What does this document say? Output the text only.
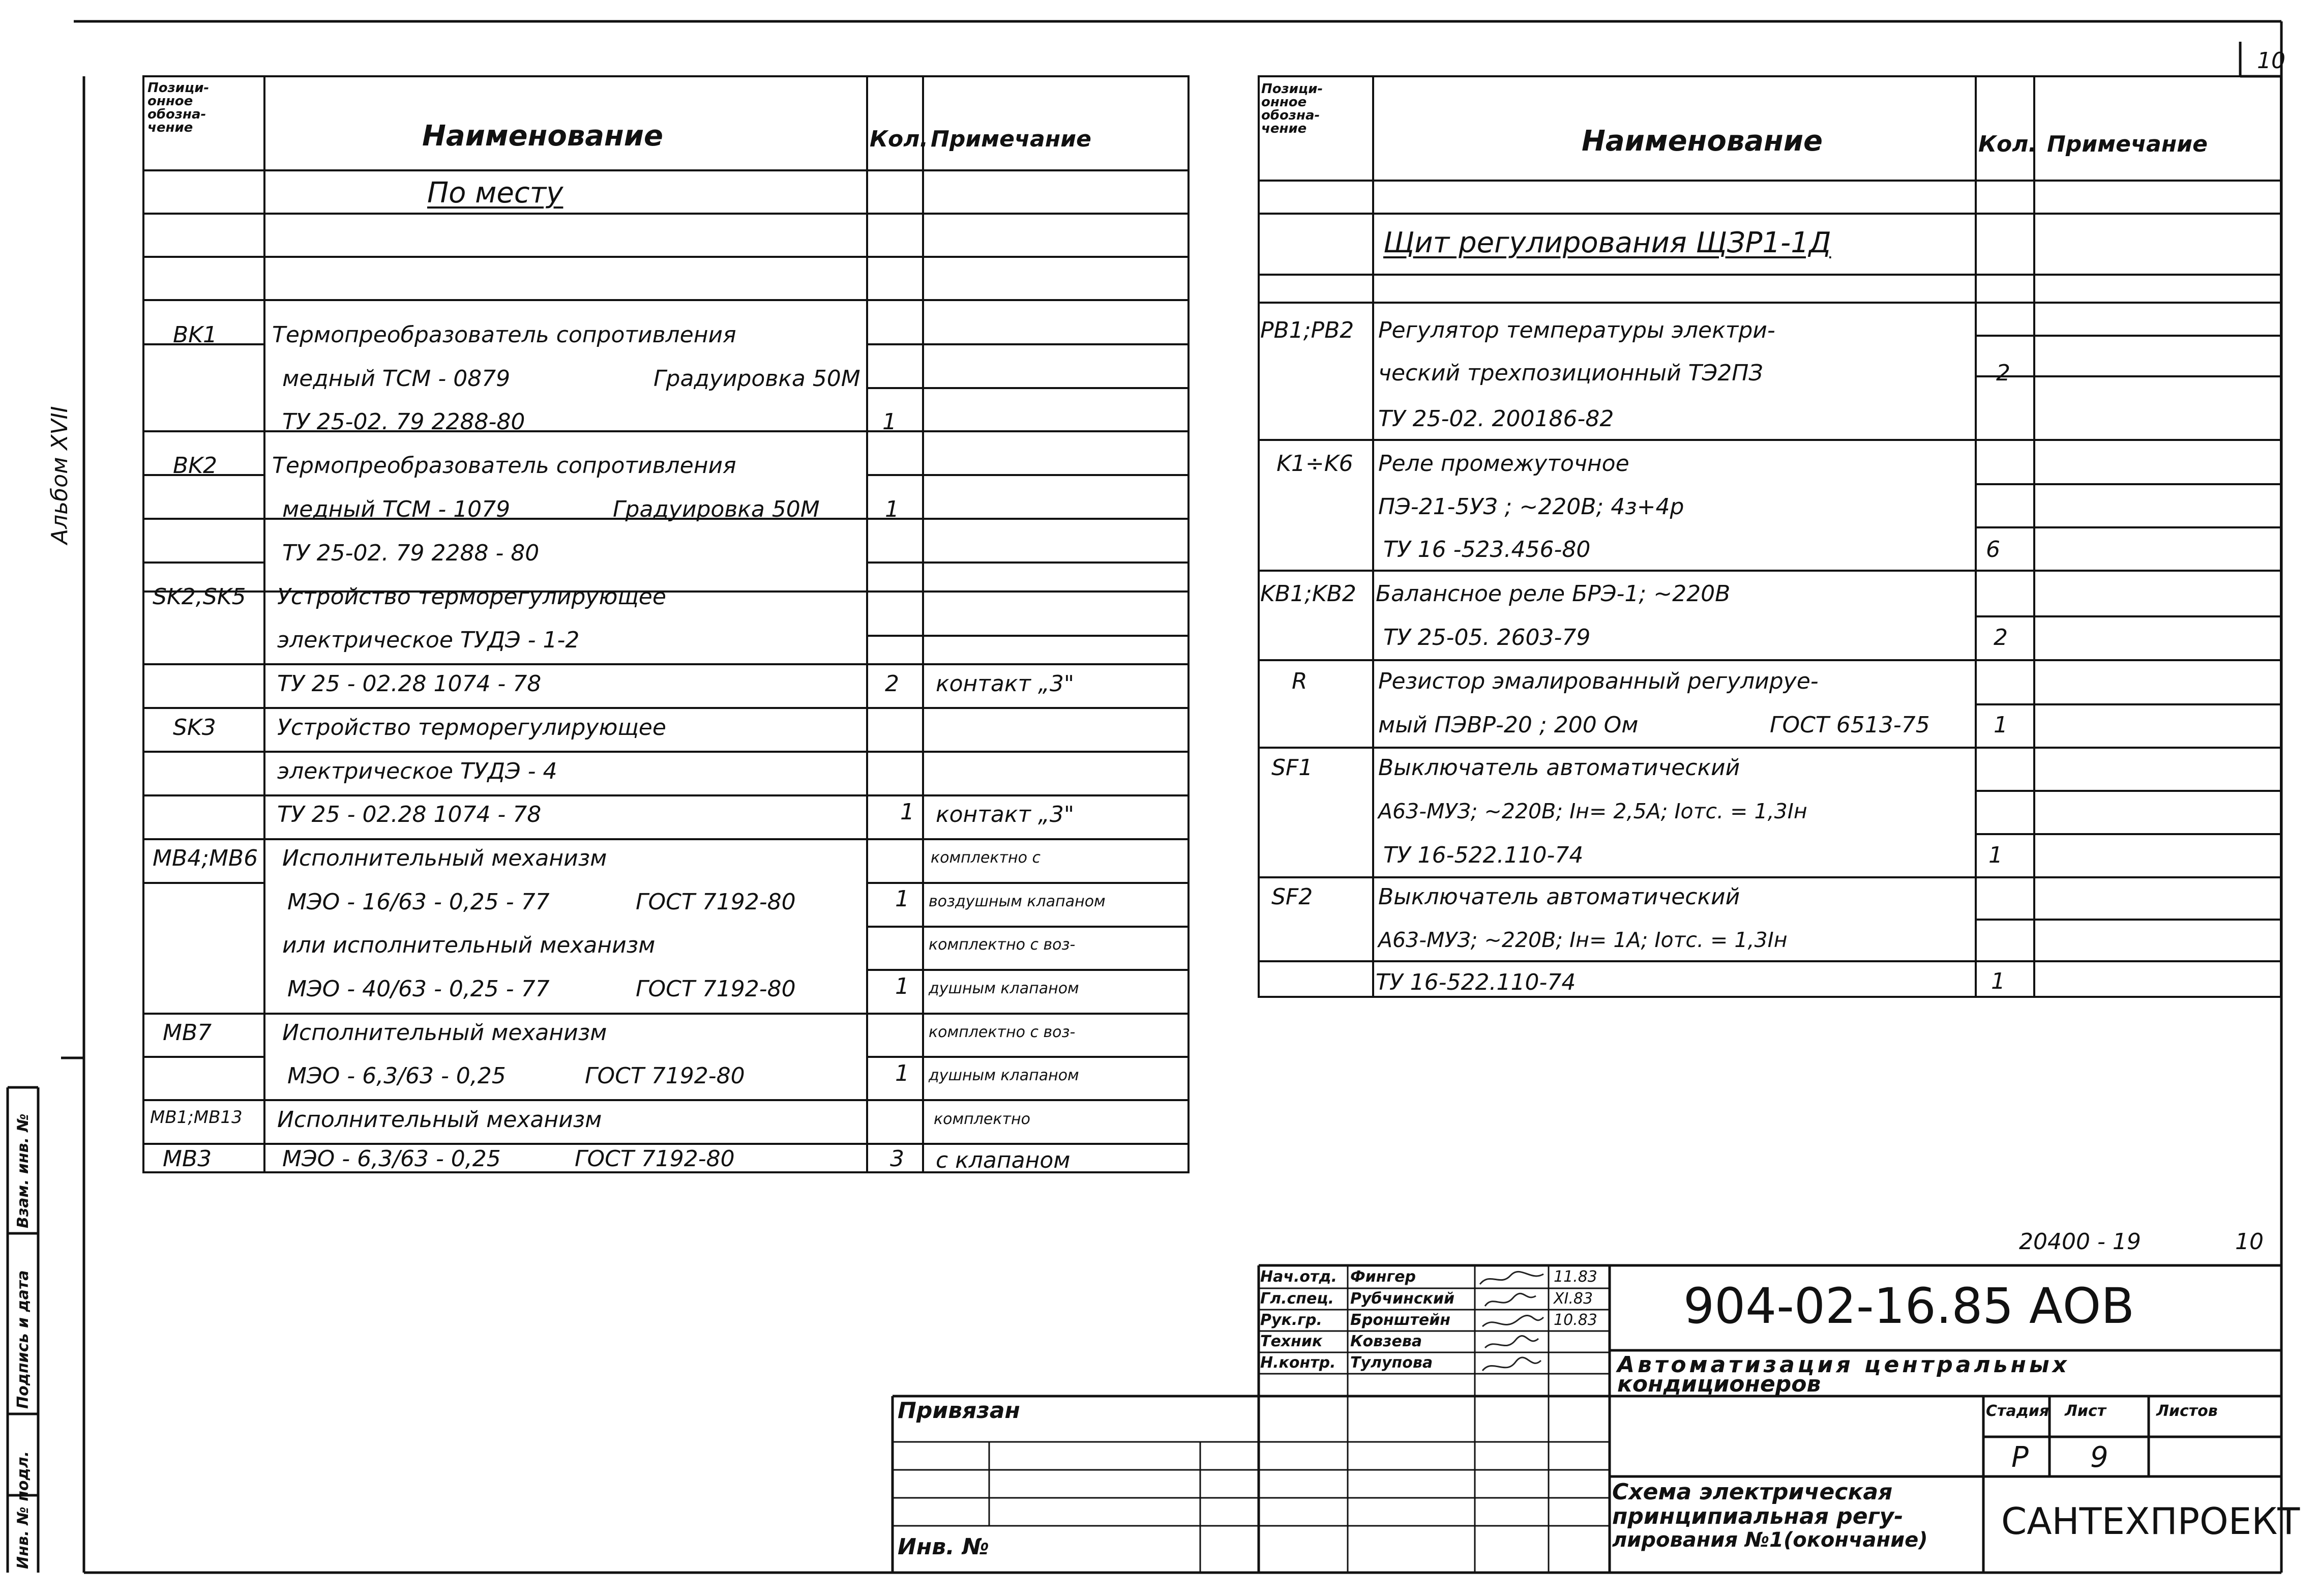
10
Альбом XVII
Инв. № подл.
Подпись и дата
Взам. инв. №
Позици-
онное
обозна-
чение	Наименование	Кол. Примечание
По месту
BK1 Термопреобразователь сопротивления
медный ТСМ - 0879	Градуировка 50М
ТУ 25-02. 79 2288-80	1
BK2 Термопреобразователь сопротивления
медный ТСМ - 1079	Градуировка 50М	1
ТУ 25-02. 79 2288 - 80
SK2,SK5 Устройство терморегулирующее
электрическое ТУДЭ - 1-2
ТУ 25 - 02.28 1074 - 78	2 контакт „3"
SK3	Устройство терморегулирующее
электрическое ТУДЭ - 4
ТУ 25 - 02.28 1074 - 78	1 контакт „3"
MB4;MB6 Исполнительный механизм	комплектно с
МЭО - 16/63 - 0,25 - 77	ГОСТ 7192-80	1 воздушным клапаном
или исполнительный механизм	комплектно с воз-
МЭО - 40/63 - 0,25 - 77	ГОСТ 7192-80	1 душным клапаном
MB7	Исполнительный механизм	комплектно с воз-
МЭО - 6,3/63 - 0,25	ГОСТ 7192-80	1 душным клапаном
MB1;MB13 Исполнительный механизм	комплектно
MB3	МЭО - 6,3/63 - 0,25	ГОСТ 7192-80	3 с клапаном
Позици-
онное
обозна-
чение	Наименование	Кол. Примечание
Щит регулирования ЩЗР1-1Д
PB1;PB2 Регулятор температуры электри-
ческий трехпозиционный ТЭ2ПЗ	2
ТУ 25-02. 200186-82
K1÷K6 Реле промежуточное
ПЭ-21-5УЗ ; ~220В; 4з+4р
ТУ 16 -523.456-80	6
KB1;KB2 Балансное реле БРЭ-1; ~220В
ТУ 25-05. 2603-79	2
R	Резистор эмалированный регулируе-
мый ПЭВР-20 ; 200 Ом	ГОСТ 6513-75	1
SF1	Выключатель автоматический
А63-МУЗ; ~220В; Iн= 2,5А; Iотс. = 1,3Iн
ТУ 16-522.110-74	1
SF2	Выключатель автоматический
А63-МУЗ; ~220В; Iн= 1А; Iотс. = 1,3Iн
ТУ 16-522.110-74	1
20400 - 19	10
Нач.отд. Фингер	11.83
Гл.спец. Рубчинский	XI.83
Рук.гр. Бронштейн	10.83
Техник Ковзева
Н.контр. Тулупова
904-02-16.85 АОВ
Автоматизация центральных
кондиционеров
Привязан
Инв. №
Стадия Лист	Листов
Р 9
Схема электрическая
принципиальная регу-
лирования №1(окончание) САНТЕХПРОЕКТ
